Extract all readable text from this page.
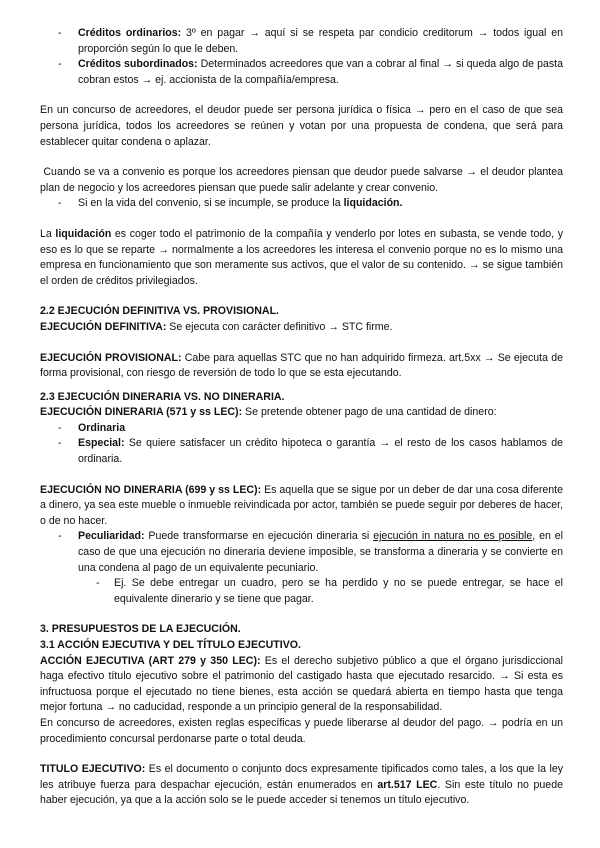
- Créditos ordinarios: 3º en pagar → aquí si se respeta par condicio creditorum → todos igual en proporción según lo que le deben.
- Créditos subordinados: Determinados acreedores que van a cobrar al final → si queda algo de pasta cobran estos → ej. accionista de la compañía/empresa.

En un concurso de acreedores, el deudor puede ser persona jurídica o física → pero en el caso de que sea persona jurídica, todos los acreedores se reúnen y votan por una propuesta de condena, que será para establecer quitar condena o aplazar.

Cuando se va a convenio es porque los acreedores piensan que deudor puede salvarse → el deudor plantea plan de negocio y los acreedores piensan que puede salir adelante y crear convenio.

- Si en la vida del convenio, si se incumple, se produce la liquidación.

La liquidación es coger todo el patrimonio de la compañía y venderlo por lotes en subasta, se vende todo, y eso es lo que se reparte → normalmente a los acreedores les interesa el convenio porque no es lo mismo una empresa en funcionamiento que son meramente sus activos, que el valor de su contenido. → se sigue también el orden de créditos privilegiados.

2.2 EJECUCIÓN DEFINITIVA VS. PROVISIONAL.

EJECUCIÓN DEFINITIVA: Se ejecuta con carácter definitivo → STC firme.

EJECUCIÓN PROVISIONAL: Cabe para aquellas STC que no han adquirido firmeza. art.5xx → Se ejecuta de forma provisional, con riesgo de reversión de todo lo que se esta ejecutando.

2.3 EJECUCIÓN DINERARIA VS. NO DINERARIA.

EJECUCIÓN DINERARIA (571 y ss LEC): Se pretende obtener pago de una cantidad de dinero:

- Ordinaria
- Especial: Se quiere satisfacer un crédito hipoteca o garantía → el resto de los casos hablamos de ordinaria.

EJECUCIÓN NO DINERARIA (699 y ss LEC): Es aquella que se sigue por un deber de dar una cosa diferente a dinero, ya sea este mueble o inmueble reivindicada por actor, también se puede seguir por deberes de hacer, o de no hacer.

- Peculiaridad: Puede transformarse en ejecución dineraria si ejecución in natura no es posible, en el caso de que una ejecución no dineraria deviene imposible, se transforma a dineraria y se convierte en una condena al pago de un equivalente pecuniario.
- Ej. Se debe entregar un cuadro, pero se ha perdido y no se puede entregar, se hace el equivalente dinerario y se tiene que pagar.

3. PRESUPUESTOS DE LA EJECUCIÓN.

3.1 ACCIÓN EJECUTIVA Y DEL TÍTULO EJECUTIVO.

ACCIÓN EJECUTIVA (ART 279 y 350 LEC): Es el derecho subjetivo público a que el órgano jurisdiccional haga efectivo título ejecutivo sobre el patrimonio del castigado hasta que ejecutado resarcido. → Si esta es infructuosa porque el ejecutado no tiene bienes, esta acción se quedará abierta en tiempo hasta que tenga mejor fortuna → no caducidad, responde a un principio general de la responsabilidad.

En concurso de acreedores, existen reglas específicas y puede liberarse al deudor del pago. → podría en un procedimiento concursal perdonarse parte o total deuda.

TITULO EJECUTIVO: Es el documento o conjunto docs expresamente tipificados como tales, a los que la ley les atribuye fuerza para despachar ejecución, están enumerados en art.517 LEC. Sin este título no puede haber ejecución, ya que a la acción solo se le puede acceder si tenemos un título ejecutivo.
